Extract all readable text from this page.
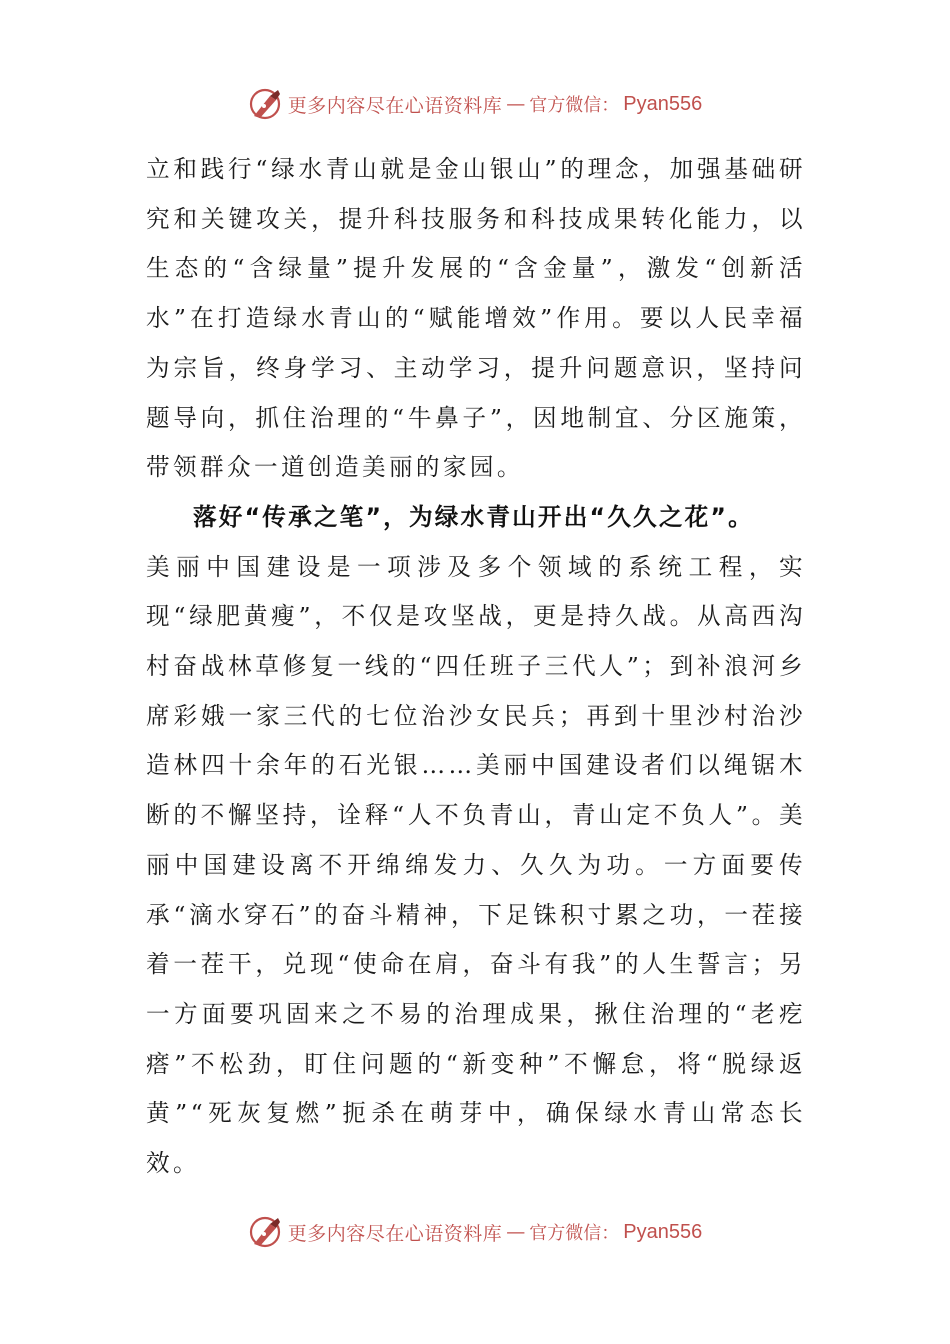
更多内容尽在心语资料库 — 官方微信： Pyan556

立和践行“绿水青山就是金山银山”的理念，加强基础研究和关键攻关，提升科技服务和科技成果转化能力，以生态的“含绿量”提升发展的“含金量”，激发“创新活水”在打造绿水青山的“赋能增效”作用。要以人民幸福为宗旨，终身学习、主动学习，提升问题意识，坚持问题导向，抓住治理的“牛鼻子”，因地制宜、分区施策，带领群众一道创造美丽的家园。

落好“传承之笔”，为绿水青山开出“久久之花”。

美丽中国建设是一项涉及多个领域的系统工程，实现“绿肥黄瘦”，不仅是攻坚战，更是持久战。从高西沟村奋战林草修复一线的“四任班子三代人”；到补浪河乡席彩娥一家三代的七位治沙女民兵；再到十里沙村治沙造林四十余年的石光银……美丽中国建设者们以绳锯木断的不懈坚持，诠释“人不负青山，青山定不负人”。美丽中国建设离不开绵绵发力、久久为功。一方面要传承“滴水穿石”的奋斗精神，下足铢积寸累之功，一茬接着一茬干，兑现“使命在肩，奋斗有我”的人生誓言；另一方面要巩固来之不易的治理成果，揪住治理的“老疙瘩”不松劲，盯住问题的“新变种”不懈怠，将“脱绿返黄”“死灰复燃”扼杀在萌芽中，确保绿水青山常态长效。

更多内容尽在心语资料库 — 官方微信： Pyan556
